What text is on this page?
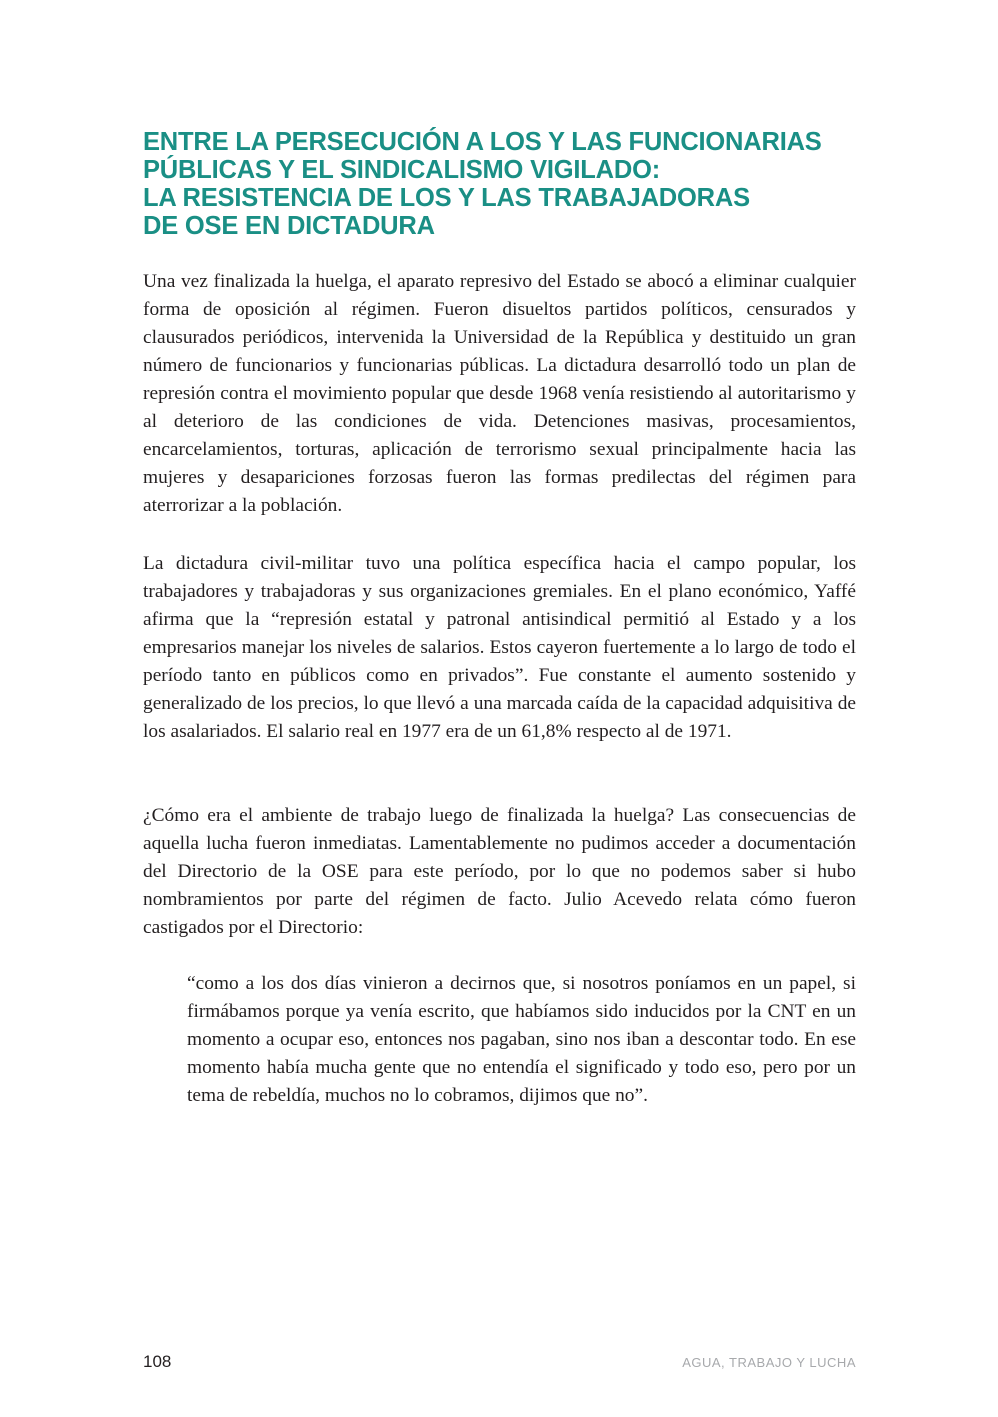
ENTRE LA PERSECUCIÓN A LOS Y LAS FUNCIONARIAS
PÚBLICAS Y EL SINDICALISMO VIGILADO:
LA RESISTENCIA DE LOS Y LAS TRABAJADORAS
DE OSE EN DICTADURA

Una vez finalizada la huelga, el aparato represivo del Estado se abocó a eliminar cualquier forma de oposición al régimen. Fueron disueltos partidos políticos, censurados y clausurados periódicos, intervenida la Universidad de la República y destituido un gran número de funcionarios y funcionarias públicas. La dictadura desarrolló todo un plan de represión contra el movimiento popular que desde 1968 venía resistiendo al autoritarismo y al deterioro de las condiciones de vida. Detenciones masivas, procesamientos, encarcelamientos, torturas, aplicación de terrorismo sexual principalmente hacia las mujeres y desapariciones forzosas fueron las formas predilectas del régimen para aterrorizar a la población.

La dictadura civil-militar tuvo una política específica hacia el campo popular, los trabajadores y trabajadoras y sus organizaciones gremiales. En el plano económico, Yaffé afirma que la “represión estatal y patronal antisindical permitió al Estado y a los empresarios manejar los niveles de salarios. Estos cayeron fuertemente a lo largo de todo el período tanto en públicos como en privados”. Fue constante el aumento sostenido y generalizado de los precios, lo que llevó a una marcada caída de la capacidad adquisitiva de los asalariados. El salario real en 1977 era de un 61,8% respecto al de 1971.

¿Cómo era el ambiente de trabajo luego de finalizada la huelga? Las consecuencias de aquella lucha fueron inmediatas. Lamentablemente no pudimos acceder a documentación del Directorio de la OSE para este período, por lo que no podemos saber si hubo nombramientos por parte del régimen de facto. Julio Acevedo relata cómo fueron castigados por el Directorio:

“como a los dos días vinieron a decirnos que, si nosotros poníamos en un papel, si firmábamos porque ya venía escrito, que habíamos sido inducidos por la CNT en un momento a ocupar eso, entonces nos pagaban, sino nos iban a descontar todo. En ese momento había mucha gente que no entendía el significado y todo eso, pero por un tema de rebeldía, muchos no lo cobramos, dijimos que no”.

108	AGUA, TRABAJO Y LUCHA
